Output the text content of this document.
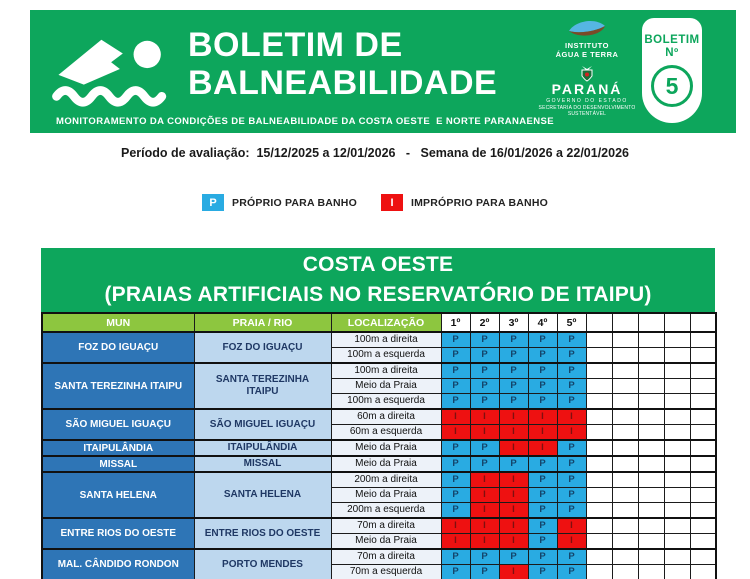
BOLETIM DE
BALNEABILIDADE
MONITORAMENTO DA CONDIÇÕES DE BALNEABILIDADE DA COSTA OESTE  E NORTE PARANAENSE
INSTITUTO
ÁGUA E TERRA
PARANÁ
GOVERNO DO ESTADO
SECRETARIA DO DESENVOLVIMENTO SUSTENTÁVEL
BOLETIM
Nº
5
Período de avaliação:  15/12/2025 a 12/01/2026   -   Semana de 16/01/2026 a 22/01/2026
P	PRÓPRIO PARA BANHO	I	IMPRÓPRIO PARA BANHO
COSTA OESTE
(PRAIAS ARTIFICIAIS NO RESERVATÓRIO DE ITAIPU)
MUN	PRAIA / RIO	LOCALIZAÇÃO	1º	2º	3º	4º	5º					
FOZ DO IGUAÇU	FOZ DO IGUAÇU	100m a direita	P	P	P	P	P					
		100m a esquerda	P	P	P	P	P					
SANTA TEREZINHA ITAIPU	SANTA TEREZINHA ITAIPU	100m a direita	P	P	P	P	P					
		Meio da Praia	P	P	P	P	P					
		100m a esquerda	P	P	P	P	P					
SÃO MIGUEL IGUAÇU	SÃO MIGUEL IGUAÇU	60m a direita	I	I	I	I	I					
		60m a esquerda	I	I	I	I	I					
ITAIPULÂNDIA	ITAIPULÂNDIA	Meio da Praia	P	P	I	I	P					
MISSAL	MISSAL	Meio da Praia	P	P	P	P	P					
SANTA HELENA	SANTA HELENA	200m a direita	P	I	I	P	P					
		Meio da Praia	P	I	I	P	P					
		200m a esquerda	P	I	I	P	P					
ENTRE RIOS DO OESTE	ENTRE RIOS DO OESTE	70m a direita	I	I	I	P	I					
		Meio da Praia	I	I	I	P	I					
MAL. CÂNDIDO RONDON	PORTO MENDES	70m a direita	P	P	P	P	P					
		70m a esquerda	P	P	I	P	P					
